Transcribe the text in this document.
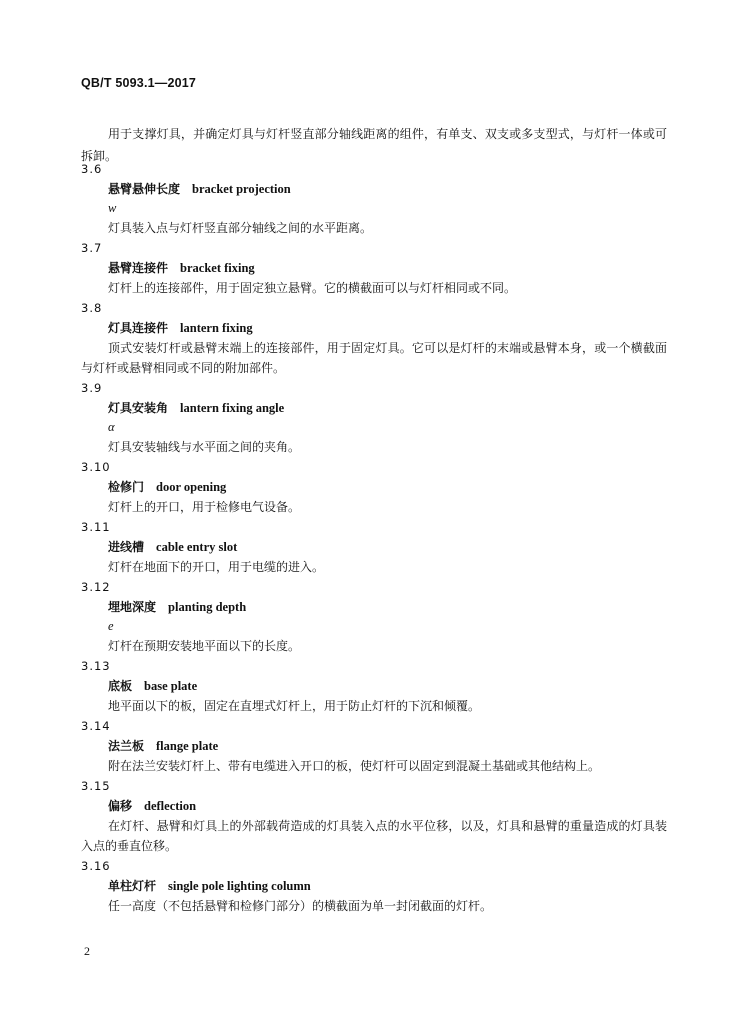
QB/T 5093.1—2017
用于支撑灯具，并确定灯具与灯杆竖直部分轴线距离的组件，有单支、双支或多支型式，与灯杆一体或可拆卸。
3.6
悬臂悬伸长度 bracket projection
w
灯具装入点与灯杆竖直部分轴线之间的水平距离。
3.7
悬臂连接件 bracket fixing
灯杆上的连接部件，用于固定独立悬臂。它的横截面可以与灯杆相同或不同。
3.8
灯具连接件 lantern fixing
顶式安装灯杆或悬臂末端上的连接部件，用于固定灯具。它可以是灯杆的末端或悬臂本身，或一个横截面与灯杆或悬臂相同或不同的附加部件。
3.9
灯具安装角 lantern fixing angle
α
灯具安装轴线与水平面之间的夹角。
3.10
检修门 door opening
灯杆上的开口，用于检修电气设备。
3.11
进线槽 cable entry slot
灯杆在地面下的开口，用于电缆的进入。
3.12
埋地深度 planting depth
e
灯杆在预期安装地平面以下的长度。
3.13
底板 base plate
地平面以下的板，固定在直埋式灯杆上，用于防止灯杆的下沉和倾覆。
3.14
法兰板 flange plate
附在法兰安装灯杆上、带有电缆进入开口的板，使灯杆可以固定到混凝土基础或其他结构上。
3.15
偏移 deflection
在灯杆、悬臂和灯具上的外部载荷造成的灯具装入点的水平位移，以及，灯具和悬臂的重量造成的灯具装入点的垂直位移。
3.16
单柱灯杆 single pole lighting column
任一高度（不包括悬臂和检修门部分）的横截面为单一封闭截面的灯杆。
2
